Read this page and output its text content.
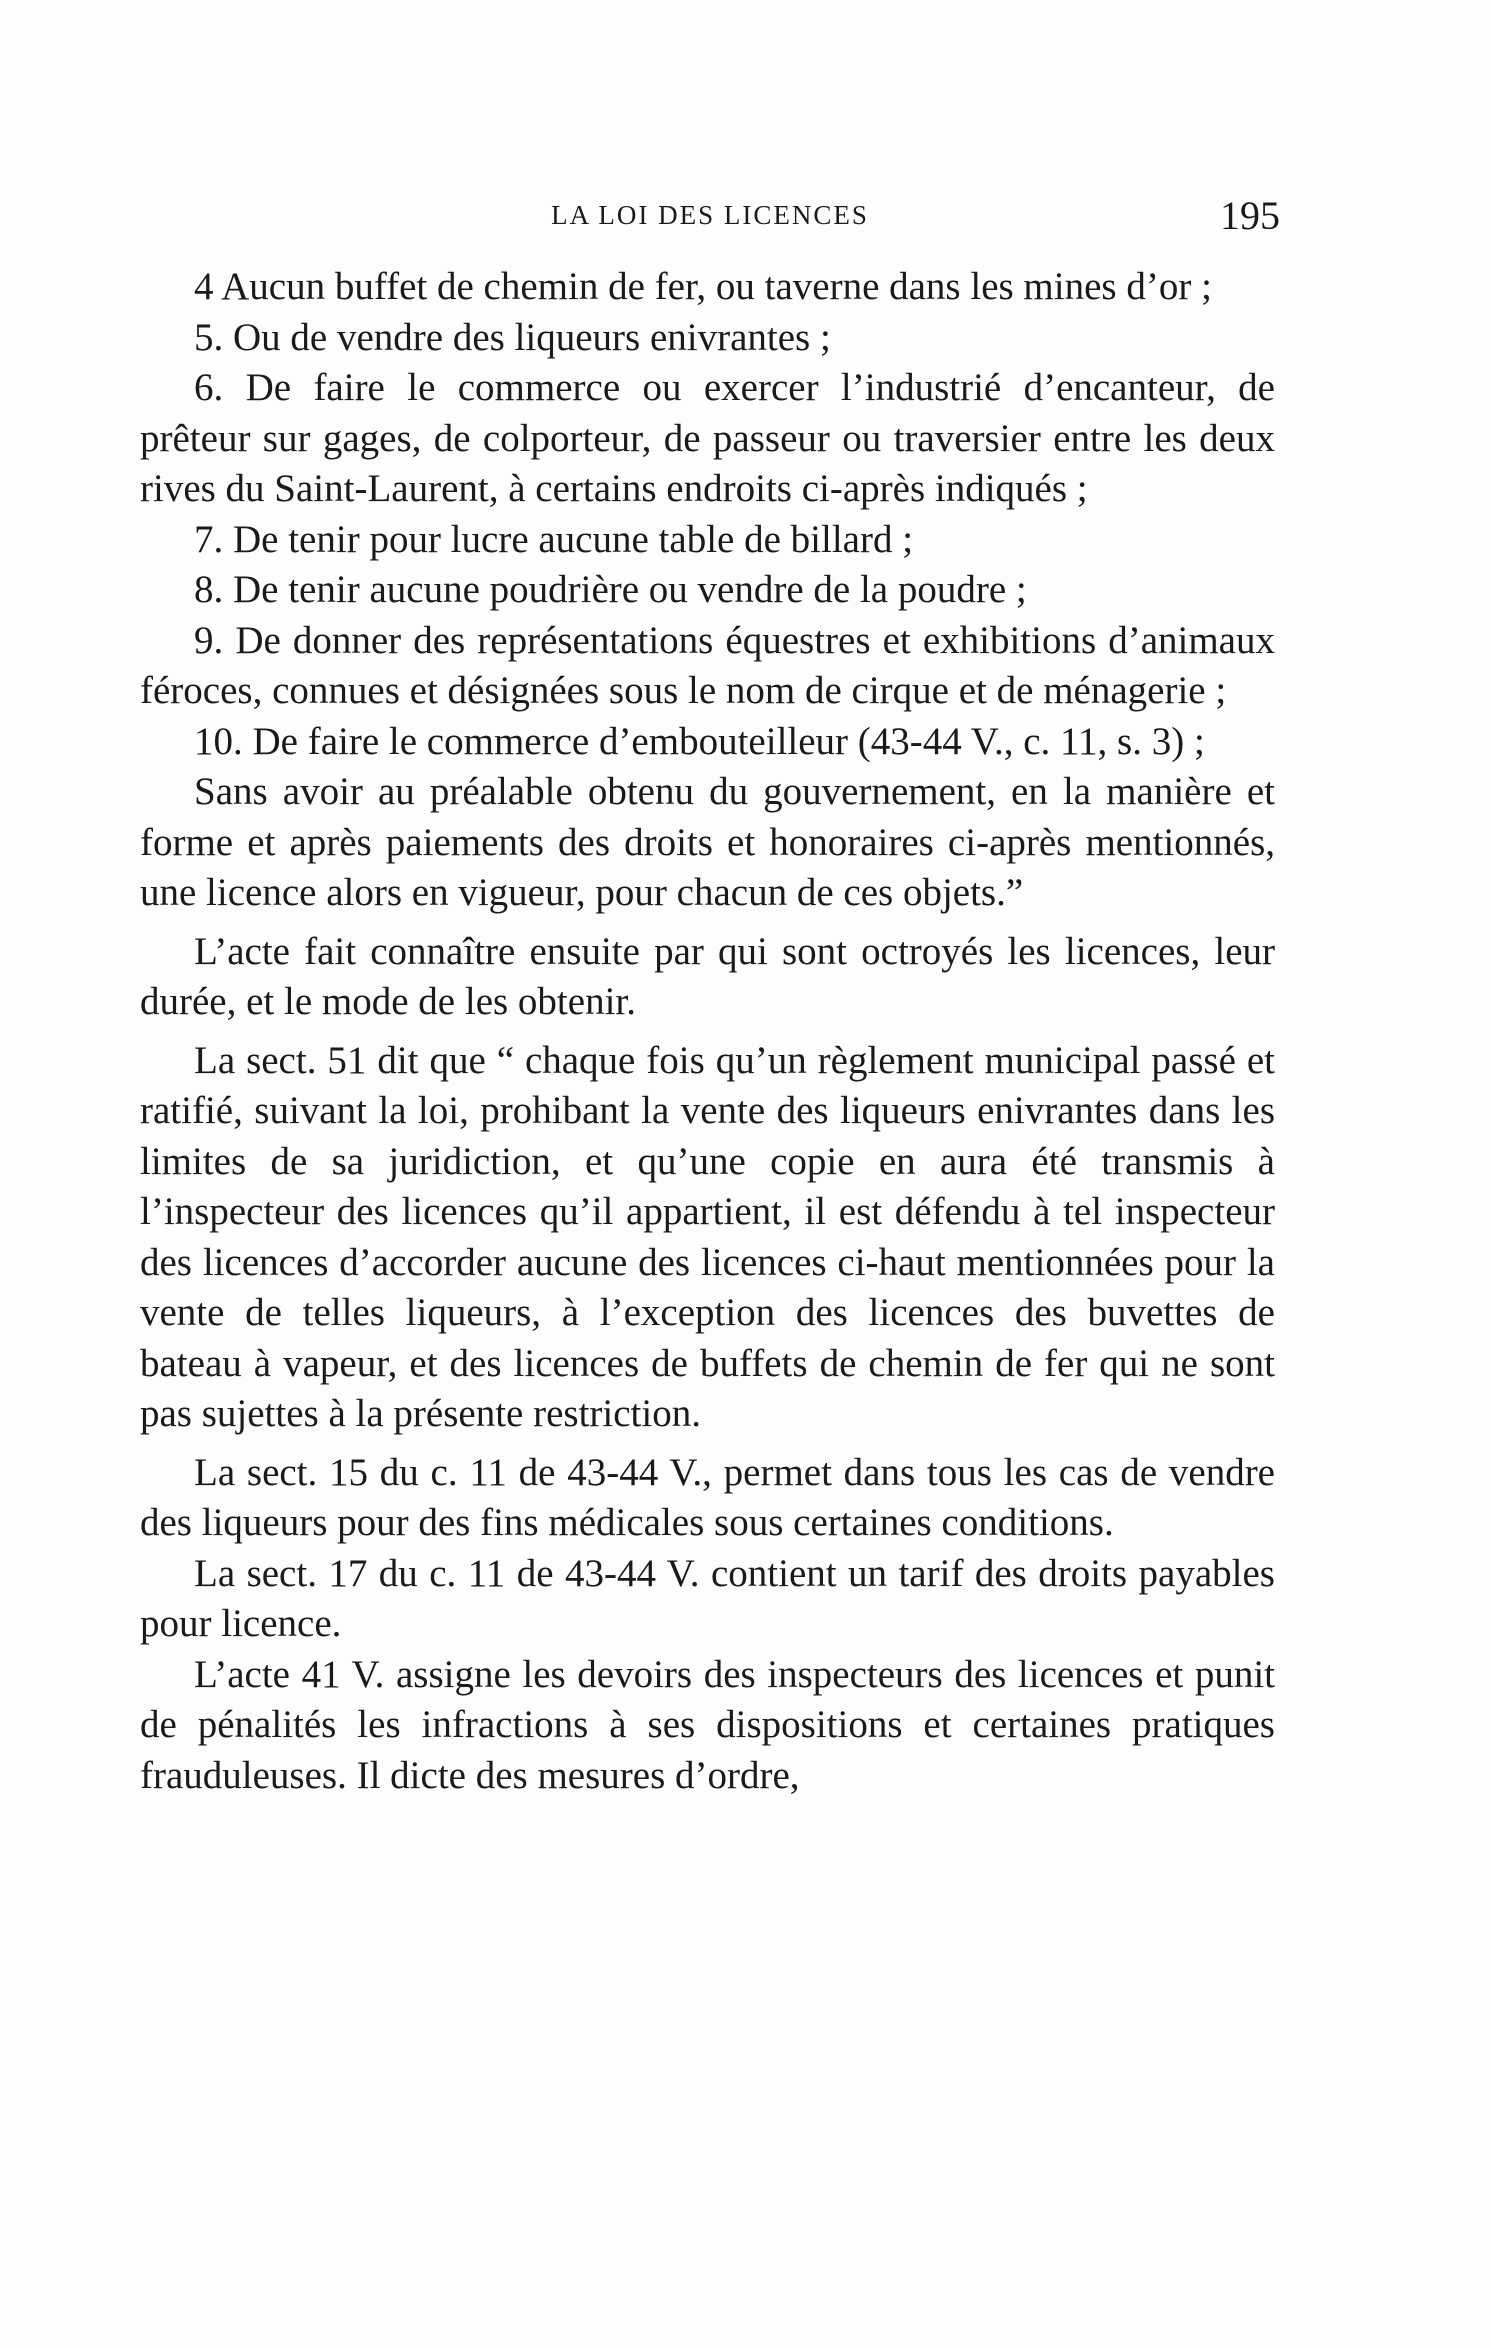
LA LOI DES LICENCES	195

4 Aucun buffet de chemin de fer, ou taverne dans les mines d’or ;

5. Ou de vendre des liqueurs enivrantes ;

6. De faire le commerce ou exercer l’industrié d’encanteur, de prêteur sur gages, de colporteur, de passeur ou traversier entre les deux rives du Saint-Laurent, à certains endroits ci-après indiqués ;

7. De tenir pour lucre aucune table de billard ;

8. De tenir aucune poudrière ou vendre de la poudre ;

9. De donner des représentations équestres et exhibitions d’animaux féroces, connues et désignées sous le nom de cirque et de ménagerie ;

10. De faire le commerce d’embouteilleur (43-44 V., c. 11, s. 3) ;

Sans avoir au préalable obtenu du gouvernement, en la manière et forme et après paiements des droits et honoraires ci-après mentionnés, une licence alors en vigueur, pour chacun de ces objets.”

L’acte fait connaître ensuite par qui sont octroyés les licences, leur durée, et le mode de les obtenir.

La sect. 51 dit que “ chaque fois qu’un règlement municipal passé et ratifié, suivant la loi, prohibant la vente des liqueurs enivrantes dans les limites de sa juridiction, et qu’une copie en aura été transmis à l’inspecteur des licences qu’il appartient, il est défendu à tel inspecteur des licences d’accorder aucune des licences ci-haut mentionnées pour la vente de telles liqueurs, à l’exception des licences des buvettes de bateau à vapeur, et des licences de buffets de chemin de fer qui ne sont pas sujettes à la présente restriction.

La sect. 15 du c. 11 de 43-44 V., permet dans tous les cas de vendre des liqueurs pour des fins médicales sous certaines conditions.

La sect. 17 du c. 11 de 43-44 V. contient un tarif des droits payables pour licence.

L’acte 41 V. assigne les devoirs des inspecteurs des licences et punit de pénalités les infractions à ses dispositions et certaines pratiques frauduleuses. Il dicte des mesures d’ordre,
